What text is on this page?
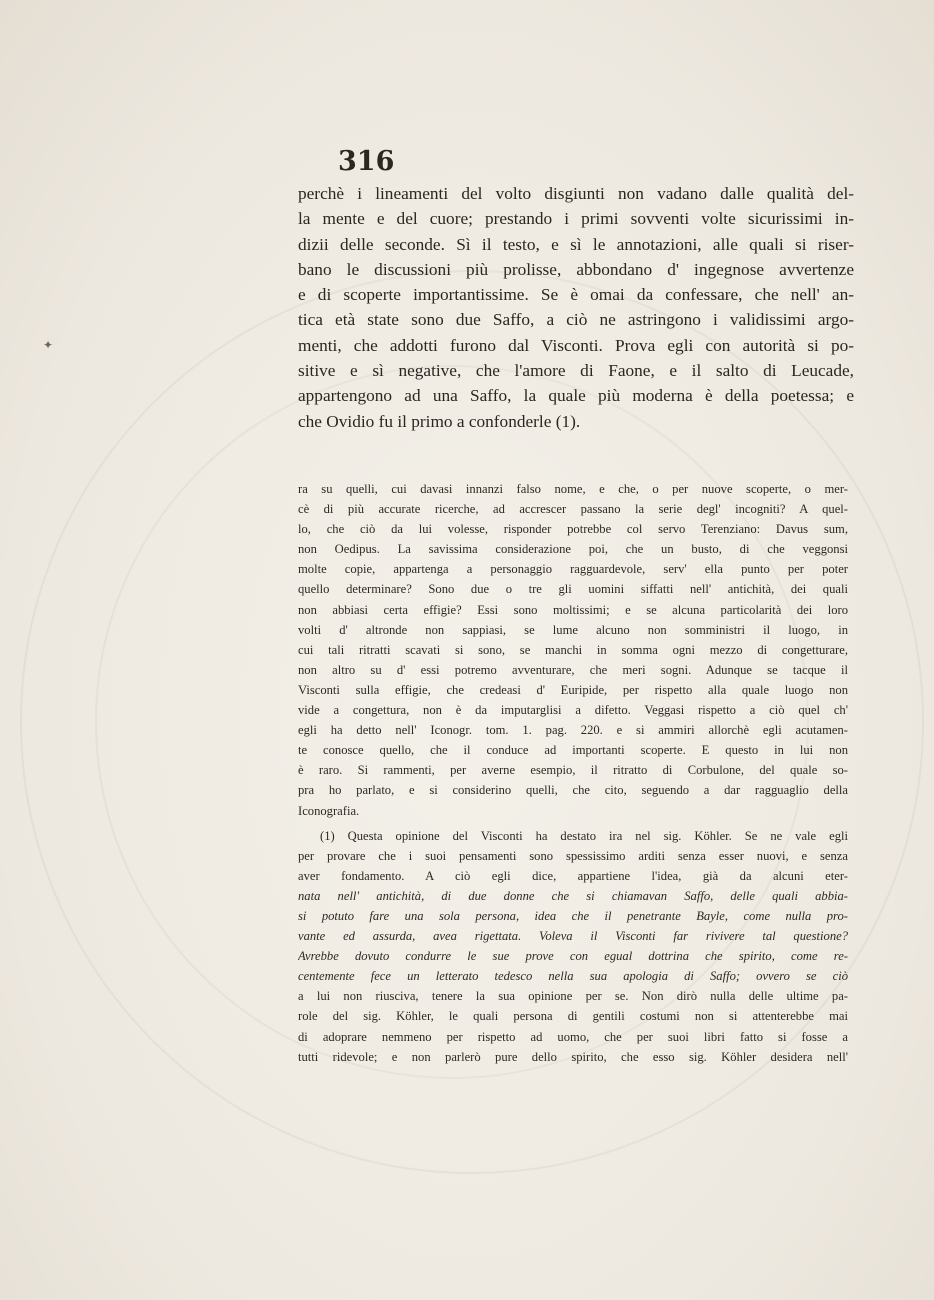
✦
316
perchè i lineamenti del volto disgiunti non vadano dalle qualità del-
la mente e del cuore; prestando i primi sovventi volte sicurissimi in-
dizii delle seconde. Sì il testo, e sì le annotazioni, alle quali si riser-
bano le discussioni più prolisse, abbondano d' ingegnose avvertenze
e di scoperte importantissime. Se è omai da confessare, che nell' an-
tica età state sono due Saffo, a ciò ne astringono i validissimi argo-
menti, che addotti furono dal Visconti. Prova egli con autorità si po-
sitive e sì negative, che l'amore di Faone, e il salto di Leucade,
appartengono ad una Saffo, la quale più moderna è della poetessa; e
che Ovidio fu il primo a confonderle (1).
ra su quelli, cui davasi innanzi falso nome, e che, o per nuove scoperte, o mer-
cè di più accurate ricerche, ad accrescer passano la serie degl' incogniti? A quel-
lo, che ciò da lui volesse, risponder potrebbe col servo Terenziano: Davus sum,
non Oedipus. La savissima considerazione poi, che un busto, di che veggonsi
molte copie, appartenga a personaggio ragguardevole, serv' ella punto per poter
quello determinare? Sono due o tre gli uomini siffatti nell' antichità, dei quali
non abbiasi certa effigie? Essi sono moltissimi; e se alcuna particolarità dei loro
volti d' altronde non sappiasi, se lume alcuno non somministri il luogo, in
cui tali ritratti scavati si sono, se manchi in somma ogni mezzo di congetturare,
non altro su d' essi potremo avventurare, che meri sogni. Adunque se tacque il
Visconti sulla effigie, che credeasi d' Euripide, per rispetto alla quale luogo non
vide a congettura, non è da imputarglisi a difetto. Veggasi rispetto a ciò quel ch'
egli ha detto nell' Iconogr. tom. 1. pag. 220. e si ammiri allorchè egli acutamen-
te conosce quello, che il conduce ad importanti scoperte. E questo in lui non
è raro. Si rammenti, per averne esempio, il ritratto di Corbulone, del quale so-
pra ho parlato, e si considerino quelli, che cito, seguendo a dar ragguaglio della
Iconografia.
(1) Questa opinione del Visconti ha destato ira nel sig. Köhler. Se ne vale egli
per provare che i suoi pensamenti sono spessissimo arditi senza esser nuovi, e senza
aver fondamento. A ciò egli dice, appartiene l'idea, già da alcuni eter-
nata nell' antichità, di due donne che si chiamavan Saffo, delle quali abbia-
si potuto fare una sola persona, idea che il penetrante Bayle, come nulla pro-
vante ed assurda, avea rigettata. Voleva il Visconti far rivivere tal questione?
Avrebbe dovuto condurre le sue prove con egual dottrina che spirito, come re-
centemente fece un letterato tedesco nella sua apologia di Saffo; ovvero se ciò
a lui non riusciva, tenere la sua opinione per se. Non dirò nulla delle ultime pa-
role del sig. Köhler, le quali persona di gentili costumi non si attenterebbe mai
di adoprare nemmeno per rispetto ad uomo, che per suoi libri fatto si fosse a
tutti ridevole; e non parlerò pure dello spirito, che esso sig. Köhler desidera nell'
